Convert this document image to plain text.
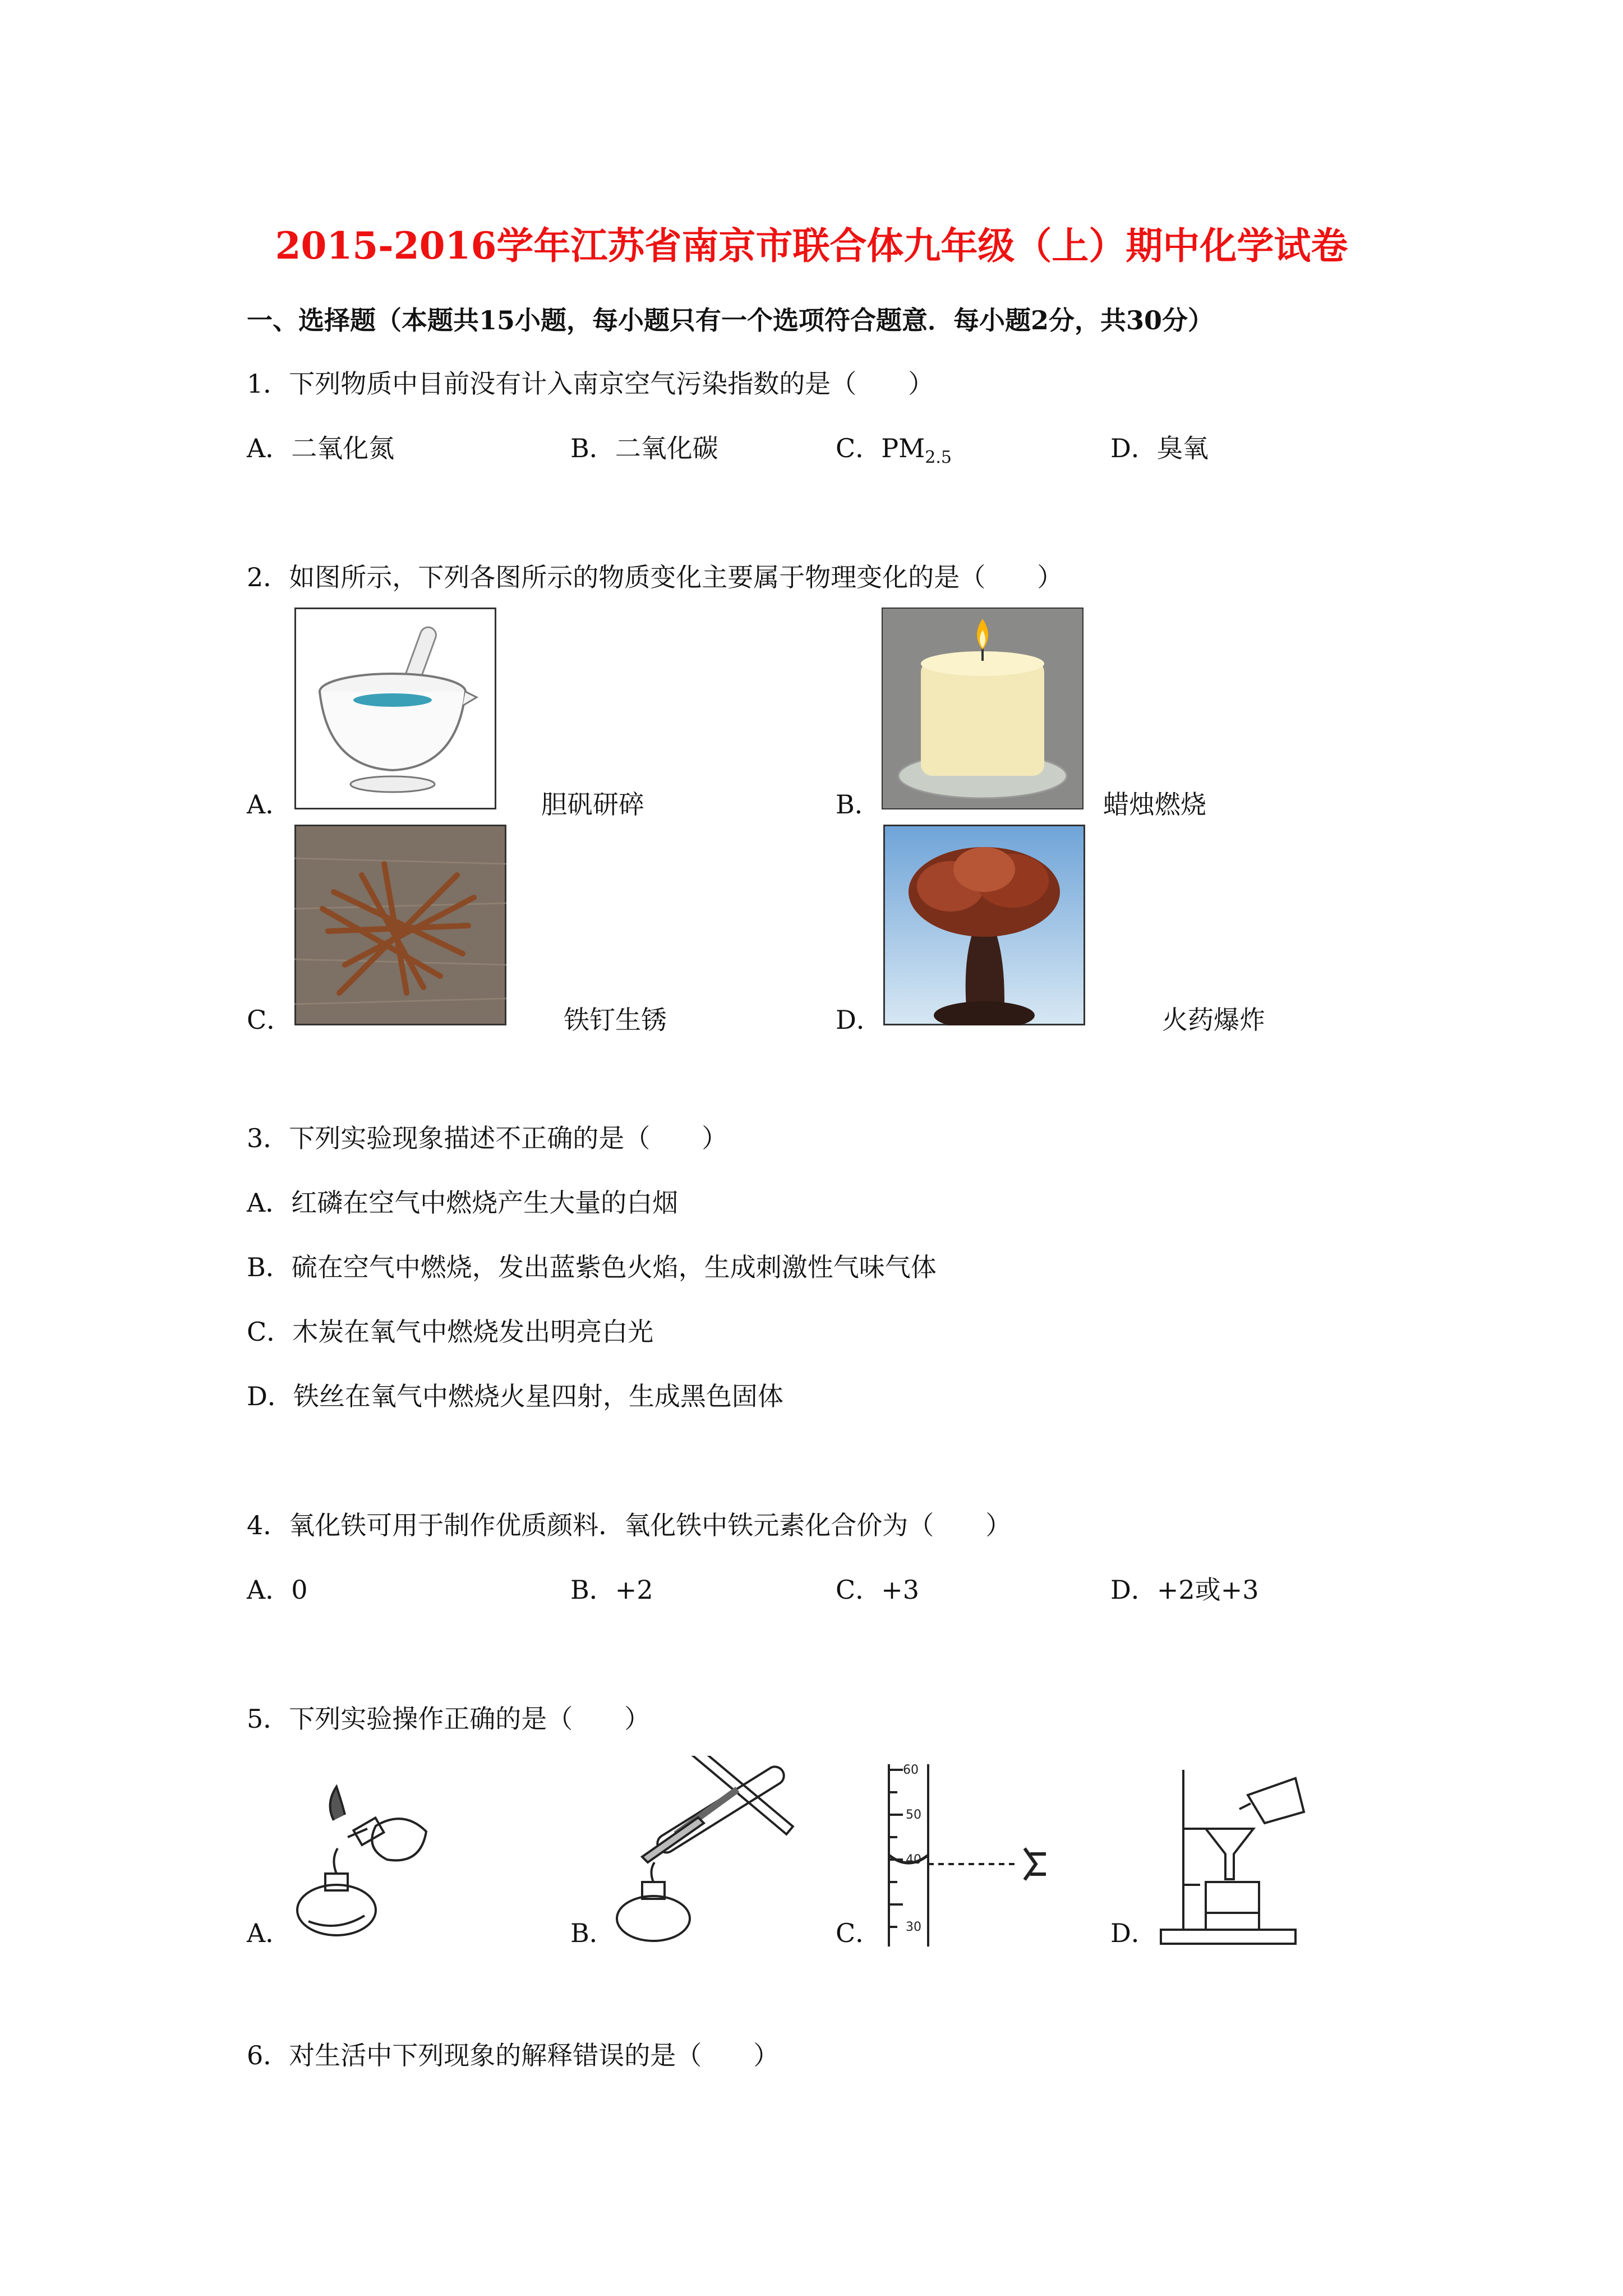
2015-2016学年江苏省南京市联合体九年级（上）期中化学试卷
一、选择题（本题共15小题，每小题只有一个选项符合题意．每小题2分，共30分）
1．下列物质中目前没有计入南京空气污染指数的是（　　）
A．二氧化氮	B．二氧化碳	C．$PM_{2.5}$	D．臭氧
2．如图所示，下列各图所示的物质变化主要属于物理变化的是（　　）
A．	胆矾研碎	B．	蜡烛燃烧
C．	铁钉生锈	D．	火药爆炸
3．下列实验现象描述不正确的是（　　）
A．红磷在空气中燃烧产生大量的白烟
B．硫在空气中燃烧，发出蓝紫色火焰，生成刺激性气味气体
C．木炭在氧气中燃烧发出明亮白光
D．铁丝在氧气中燃烧火星四射，生成黑色固体
4．氧化铁可用于制作优质颜料．氧化铁中铁元素化合价为（　　）
A．0	B．+2	C．+3	D．+2或+3
5．下列实验操作正确的是（　　）
A．	B．	C．
60
50
40
30	D．
6．对生活中下列现象的解释错误的是（　　）
